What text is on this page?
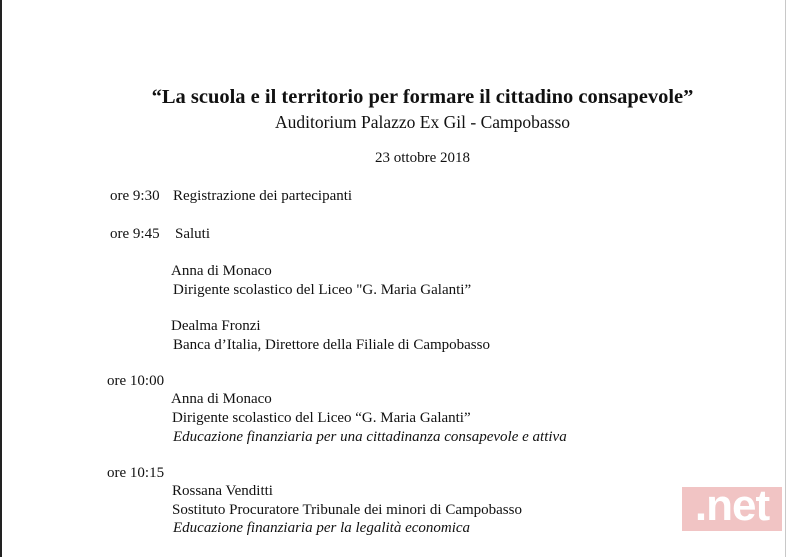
“La scuola e il territorio per formare il cittadino consapevole”
Auditorium Palazzo Ex Gil - Campobasso
23 ottobre 2018
ore 9:30 Registrazione dei partecipanti
ore 9:45 Saluti
Anna di Monaco
Dirigente scolastico del Liceo "G. Maria Galanti”
Dealma Fronzi
Banca d’Italia, Direttore della Filiale di Campobasso
ore 10:00
Anna di Monaco
Dirigente scolastico del Liceo “G. Maria Galanti”
Educazione finanziaria per una cittadinanza consapevole e attiva
ore 10:15
Rossana Venditti
Sostituto Procuratore Tribunale dei minori di Campobasso
Educazione finanziaria per la legalità economica	.net
